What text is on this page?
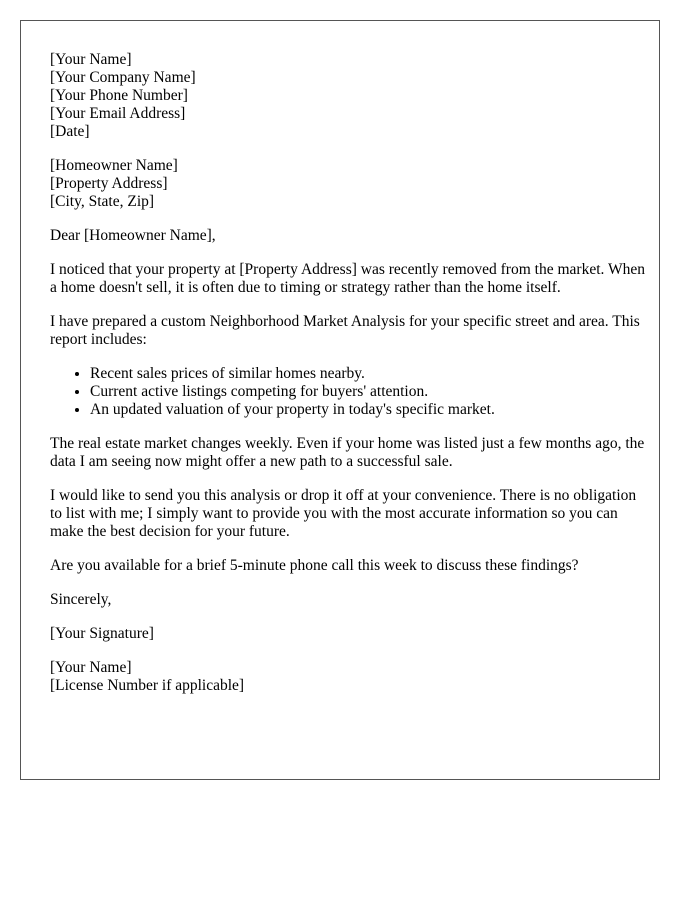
[Your Name]
[Your Company Name]
[Your Phone Number]
[Your Email Address]
[Date]
[Homeowner Name]
[Property Address]
[City, State, Zip]

Dear [Homeowner Name],

I noticed that your property at [Property Address] was recently removed from the market. When a home doesn't sell, it is often due to timing or strategy rather than the home itself.

I have prepared a custom Neighborhood Market Analysis for your specific street and area. This report includes:

• Recent sales prices of similar homes nearby.
• Current active listings competing for buyers' attention.
• An updated valuation of your property in today's specific market.

The real estate market changes weekly. Even if your home was listed just a few months ago, the data I am seeing now might offer a new path to a successful sale.

I would like to send you this analysis or drop it off at your convenience. There is no obligation to list with me; I simply want to provide you with the most accurate information so you can make the best decision for your future.

Are you available for a brief 5-minute phone call this week to discuss these findings?

Sincerely,

[Your Signature]

[Your Name]
[License Number if applicable]
